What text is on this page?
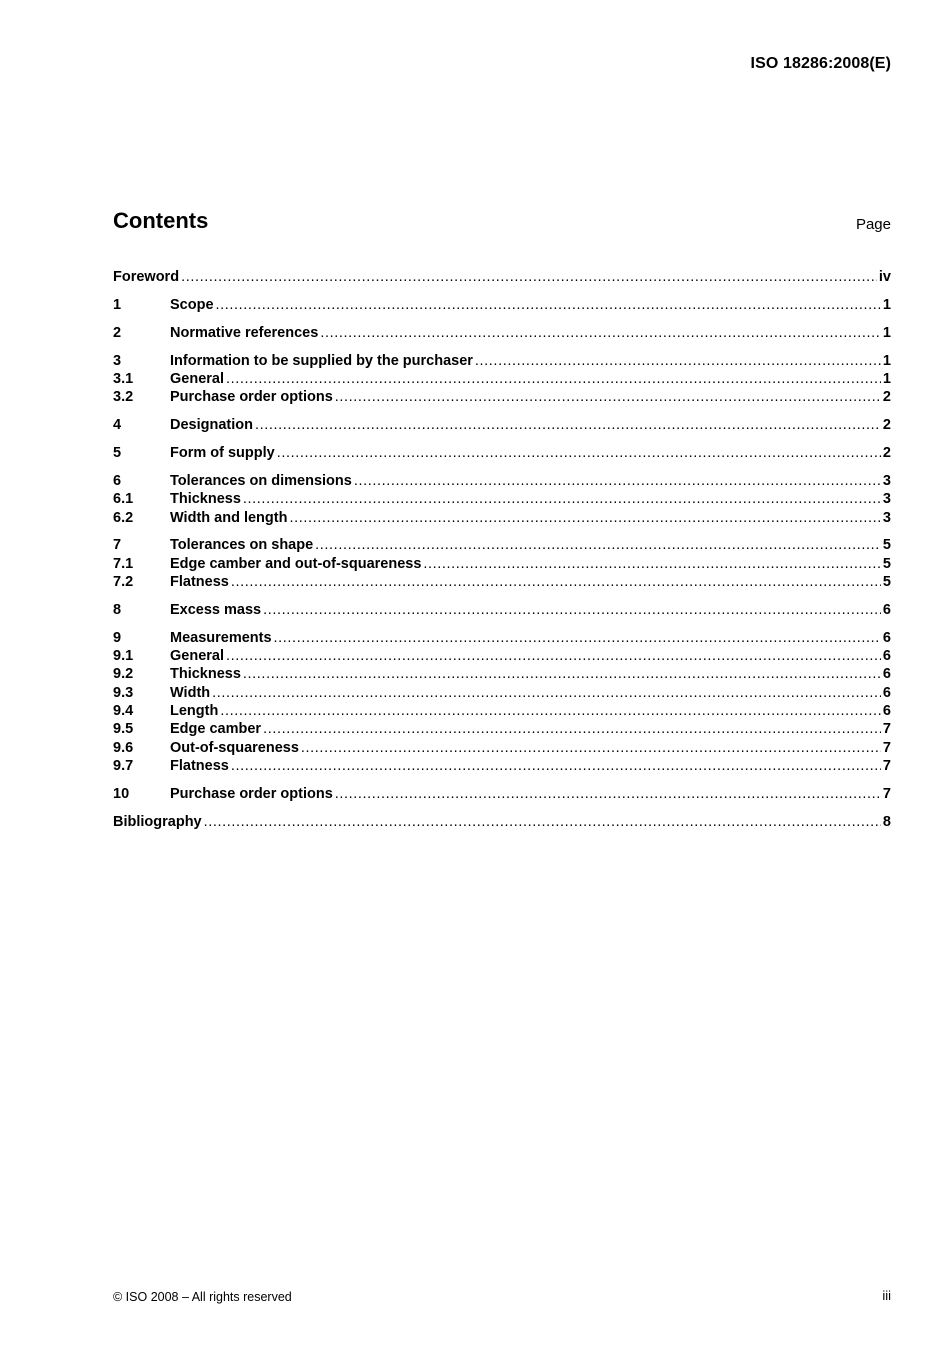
ISO 18286:2008(E)
Contents	Page
Foreword .....	iv
1	Scope .....	1
2	Normative references .....	1
3	Information to be supplied by the purchaser .....	1
3.1	General .....	1
3.2	Purchase order options .....	2
4	Designation .....	2
5	Form of supply .....	2
6	Tolerances on dimensions .....	3
6.1	Thickness .....	3
6.2	Width and length .....	3
7	Tolerances on shape .....	5
7.1	Edge camber and out-of-squareness .....	5
7.2	Flatness .....	5
8	Excess mass .....	6
9	Measurements .....	6
9.1	General .....	6
9.2	Thickness .....	6
9.3	Width .....	6
9.4	Length .....	6
9.5	Edge camber .....	7
9.6	Out-of-squareness .....	7
9.7	Flatness .....	7
10	Purchase order options .....	7
Bibliography .....	8
© ISO 2008 – All rights reserved	iii
